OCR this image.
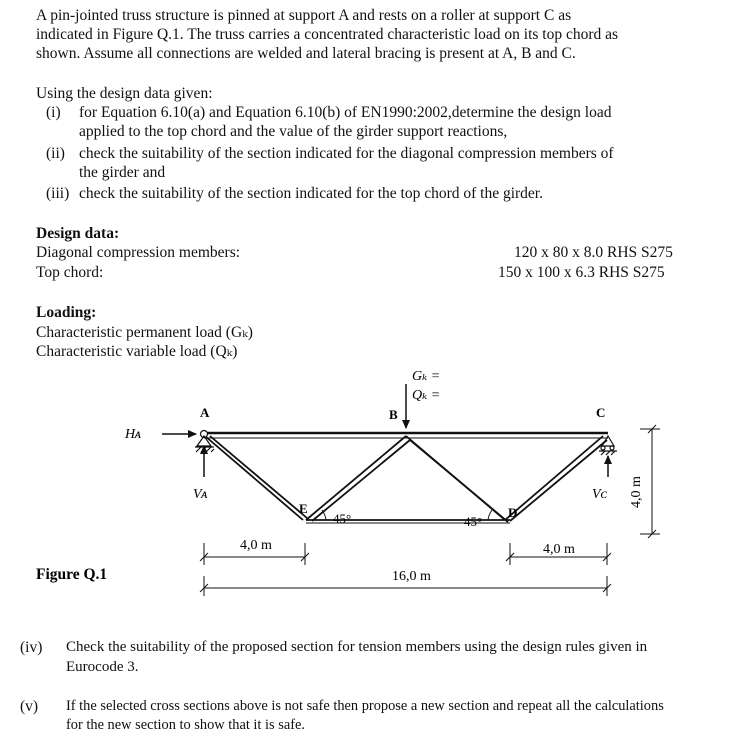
A pin-jointed truss structure is pinned at support A and rests on a roller at support C as
indicated in Figure Q.1. The truss carries a concentrated characteristic load on its top chord as
shown. Assume all connections are welded and lateral bracing is present at A, B and C.
Using the design data given:
(i) for Equation 6.10(a) and Equation 6.10(b) of EN1990:2002,determine the design load
applied to the top chord and the value of the girder support reactions,
(ii) check the suitability of the section indicated for the diagonal compression members of
the girder and
(iii) check the suitability of the section indicated for the top chord of the girder.
Design data:
Diagonal compression members:	120 x 80 x 8.0 RHS S275
Top chord:	150 x 100 x 6.3 RHS S275
Loading:
Characteristic permanent load (Gₖ)
Characteristic variable load (Qₖ)
Gₖ =
Qₖ =
A	B	C
D
E
Hᴀ
Vᴀ	Vᴄ
45°	45°
4,0 m	4,0 m
16,0 m
4,0 m
Figure Q.1
(iv) Check the suitability of the proposed section for tension members using the design rules given in
Eurocode 3.
(v) If the selected cross sections above is not safe then propose a new section and repeat all the calculations
for the new section to show that it is safe.
